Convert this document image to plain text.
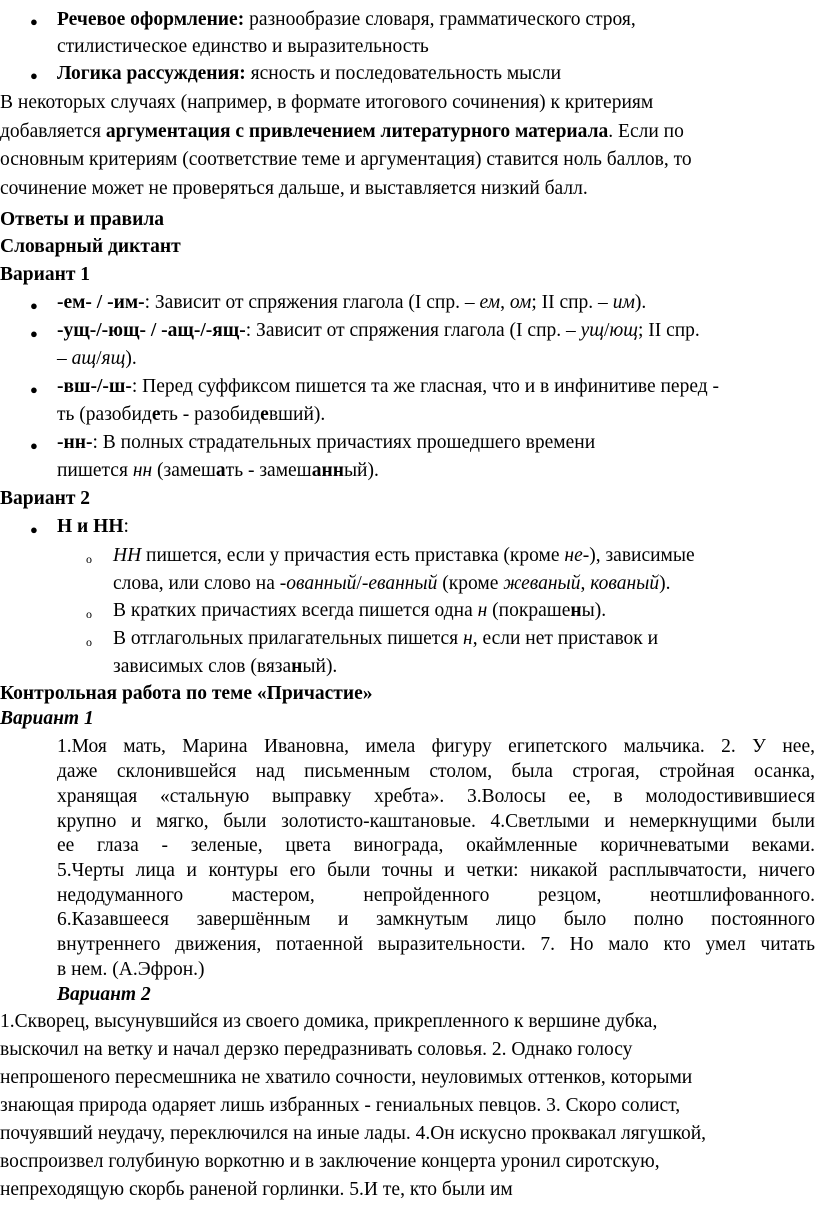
● Речевое оформление: разнообразие словаря, грамматического строя,
стилистическое единство и выразительность
● Логика рассуждения: ясность и последовательность мысли
В некоторых случаях (например, в формате итогового сочинения) к критериям
добавляется аргументация с привлечением литературного материала. Если по
основным критериям (соответствие теме и аргументация) ставится ноль баллов, то
сочинение может не проверяться дальше, и выставляется низкий балл.
Ответы и правила
Словарный диктант
Вариант 1
● -ем- / -им-: Зависит от спряжения глагола (I спр. – ем, ом; II спр. – им).
● -ущ-/-ющ- / -ащ-/-ящ-: Зависит от спряжения глагола (I спр. – ущ/ющ; II спр.
– ащ/ящ).
● -вш-/-ш-: Перед суффиксом пишется та же гласная, что и в инфинитиве перед -
ть (разобидеть - разобидевший).
● -нн-: В полных страдательных причастиях прошедшего времени
пишется нн (замешать - замешанный).
Вариант 2
● Н и НН:
o НН пишется, если у причастия есть приставка (кроме не-), зависимые
слова, или слово на -ованный/-еванный (кроме жеваный, кованый).
o В кратких причастиях всегда пишется одна н (покрашены).
o В отглагольных прилагательных пишется н, если нет приставок и
зависимых слов (вязаный).
Контрольная работа по теме «Причастие»
Вариант 1
1.Моя мать, Марина Ивановна, имела фигуру египетского мальчика. 2. У нее,
даже склонившейся над письменным столом, была строгая, стройная осанка,
хранящая «стальную выправку хребта». 3.Волосы ее, в молодостивившиеся
крупно и мягко, были золотисто-каштановые. 4.Светлыми и немеркнущими были
ее глаза - зеленые, цвета винограда, окаймленные коричневатыми веками.
5.Черты лица и контуры его были точны и четки: никакой расплывчатости, ничего
недодуманного мастером, непройденного резцом, неотшлифованного.
6.Казавшееся завершённым и замкнутым лицо было полно постоянного
внутреннего движения, потаенной выразительности. 7. Но мало кто умел читать
в нем. (А.Эфрон.)
Вариант 2
1.Скворец, высунувшийся из своего домика, прикрепленного к вершине дубка,
выскочил на ветку и начал дерзко передразнивать соловья. 2. Однако голосу
непрошеного пересмешника не хватило сочности, неуловимых оттенков, которыми
знающая природа одаряет лишь избранных - гениальных певцов. 3. Скоро солист,
почуявший неудачу, переключился на иные лады. 4.Он искусно проквакал лягушкой,
воспроизвел голубиную воркотню и в заключение концерта уронил сиротскую,
непреходящую скорбь раненой горлинки. 5.И те, кто были им
